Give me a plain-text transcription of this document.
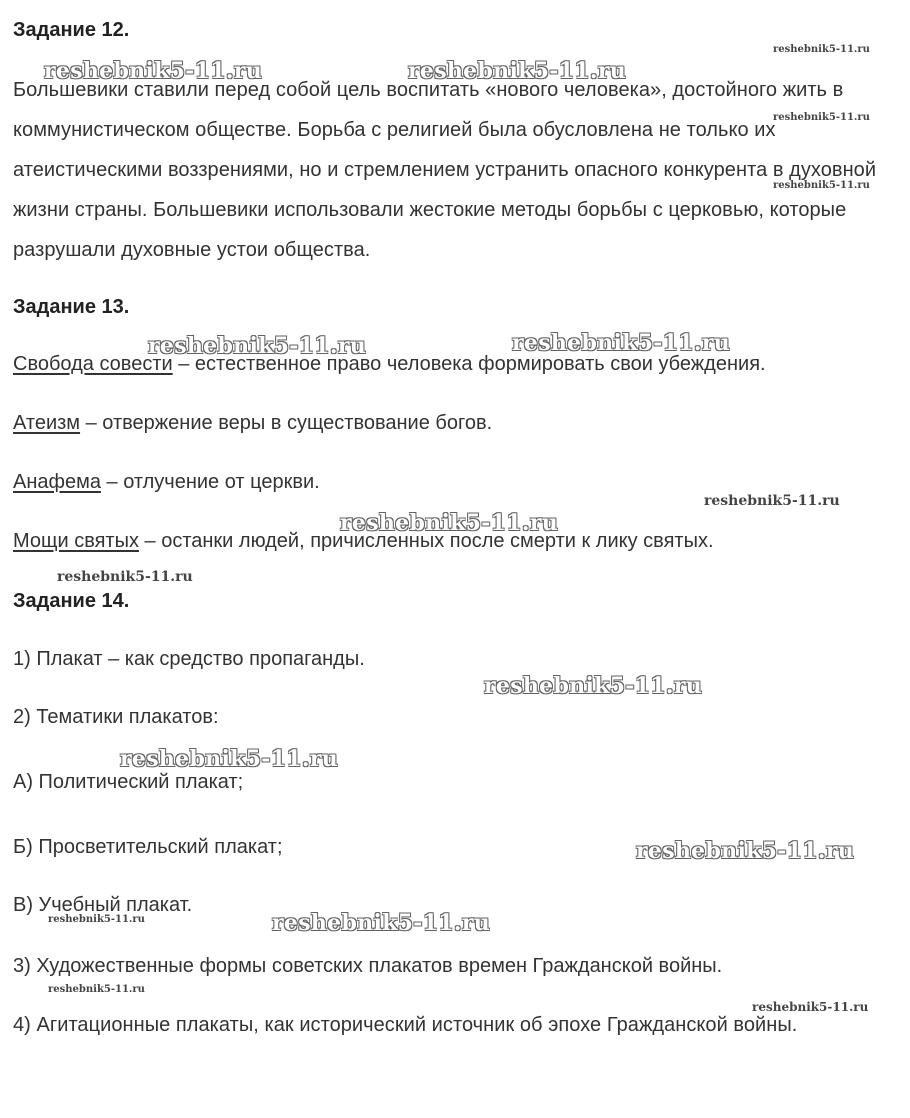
Задание 12.

Большевики ставили перед собой цель воспитать «нового человека», достойного жить в коммунистическом обществе. Борьба с религией была обусловлена не только их атеистическими воззрениями, но и стремлением устранить опасного конкурента в духовной жизни страны. Большевики использовали жестокие методы борьбы с церковью, которые разрушали духовные устои общества.

Задание 13.

Свобода совести – естественное право человека формировать свои убеждения.

Атеизм – отвержение веры в существование богов.

Анафема – отлучение от церкви.

Мощи святых – останки людей, причисленных после смерти к лику святых.

Задание 14.

1) Плакат – как средство пропаганды.

2) Тематики плакатов:

А) Политический плакат;

Б) Просветительский плакат;

В) Учебный плакат.

3) Художественные формы советских плакатов времен Гражданской войны.

4) Агитационные плакаты, как исторический источник об эпохе Гражданской войны.

reshebnik5-11.ru	reshebnik5-11.ru
reshebnik5-11.ru	reshebnik5-11.ru
reshebnik5-11.ru
reshebnik5-11.ru
reshebnik5-11.ru
reshebnik5-11.ru
reshebnik5-11.ru
reshebnik5-11.ru
reshebnik5-11.ru
reshebnik5-11.ru
reshebnik5-11.ru
reshebnik5-11.ru
reshebnik5-11.ru
reshebnik5-11.ru
reshebnik5-11.ru
